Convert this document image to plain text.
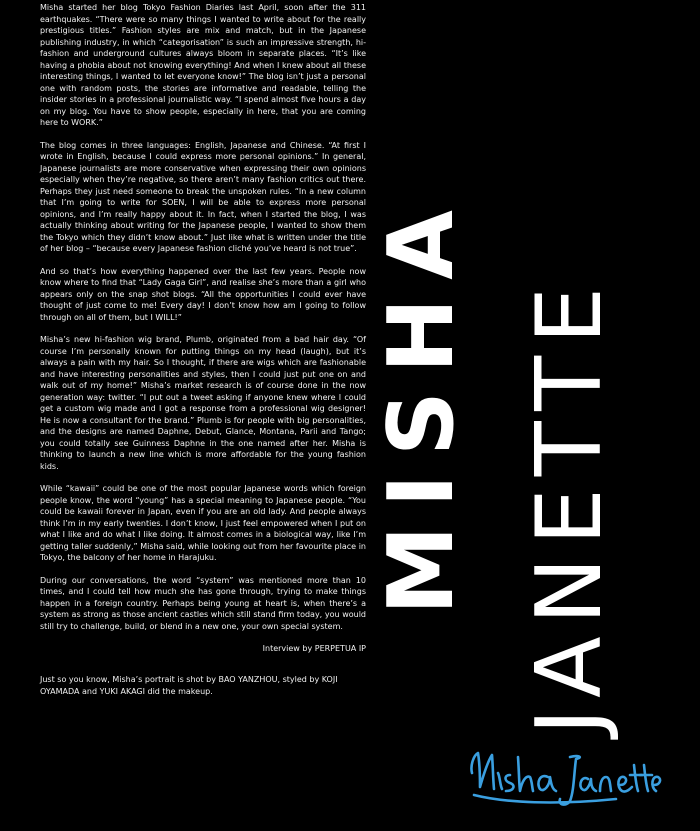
Misha started her blog Tokyo Fashion Diaries last April, soon after the 311 earthquakes. “There were so many things I wanted to write about for the really prestigious titles.” Fashion styles are mix and match, but in the Japanese publishing industry, in which “categorisation” is such an impressive strength, hi-fashion and underground cultures always bloom in separate places. “It’s like having a phobia about not knowing everything! And when I knew about all these interesting things, I wanted to let everyone know!” The blog isn’t just a personal one with random posts, the stories are informative and readable, telling the insider stories in a professional journalistic way. “I spend almost five hours a day on my blog. You have to show people, especially in here, that you are coming here to WORK.”

The blog comes in three languages: English, Japanese and Chinese. “At first I wrote in English, because I could express more personal opinions.” In general, Japanese journalists are more conservative when expressing their own opinions especially when they’re negative, so there aren’t many fashion critics out there. Perhaps they just need someone to break the unspoken rules. “In a new column that I’m going to write for SOEN, I will be able to express more personal opinions, and I’m really happy about it. In fact, when I started the blog, I was actually thinking about writing for the Japanese people, I wanted to show them the Tokyo which they didn’t know about.” Just like what is written under the title of her blog – “because every Japanese fashion cliché you’ve heard is not true”.

And so that’s how everything happened over the last few years. People now know where to find that “Lady Gaga Girl”, and realise she’s more than a girl who appears only on the snap shot blogs. “All the opportunities I could ever have thought of just come to me! Every day! I don’t know how am I going to follow through on all of them, but I WILL!”

Misha’s new hi-fashion wig brand, Plumb, originated from a bad hair day. “Of course I’m personally known for putting things on my head (laugh), but it’s always a pain with my hair. So I thought, if there are wigs which are fashionable and have interesting personalities and styles, then I could just put one on and walk out of my home!” Misha’s market research is of course done in the now generation way: twitter. “I put out a tweet asking if anyone knew where I could get a custom wig made and I got a response from a professional wig designer! He is now a consultant for the brand.” Plumb is for people with big personalities, and the designs are named Daphne, Debut, Glance, Montana, Parii and Tango; you could totally see Guinness Daphne in the one named after her. Misha is thinking to launch a new line which is more affordable for the young fashion kids.

While “kawaii” could be one of the most popular Japanese words which foreign people know, the word “young” has a special meaning to Japanese people. “You could be kawaii forever in Japan, even if you are an old lady. And people always think I’m in my early twenties. I don’t know, I just feel empowered when I put on what I like and do what I like doing. It almost comes in a biological way, like I’m getting taller suddenly,” Misha said, while looking out from her favourite place in Tokyo, the balcony of her home in Harajuku.

During our conversations, the word “system” was mentioned more than 10 times, and I could tell how much she has gone through, trying to make things happen in a foreign country. Perhaps being young at heart is, when there’s a system as strong as those ancient castles which still stand firm today, you would still try to challenge, build, or blend in a new one, your own special system.

Interview by PERPETUA IP
Just so you know, Misha’s portrait is shot by BAO YANZHOU, styled by KOJI OYAMADA and YUKI AKAGI did the makeup.
MISHA JANETTE
